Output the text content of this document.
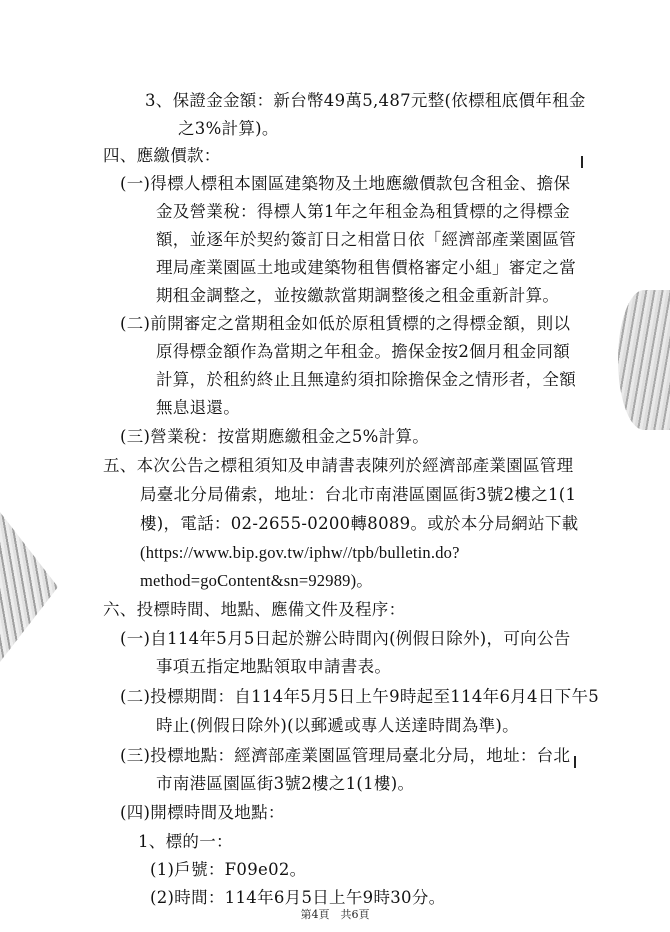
3、保證金金額：新台幣49萬5,487元整(依標租底價年租金
之3%計算)。
四、應繳價款：
(一)得標人標租本園區建築物及土地應繳價款包含租金、擔保
金及營業稅：得標人第1年之年租金為租賃標的之得標金
額，並逐年於契約簽訂日之相當日依「經濟部產業園區管
理局產業園區土地或建築物租售價格審定小組」審定之當
期租金調整之，並按繳款當期調整後之租金重新計算。
(二)前開審定之當期租金如低於原租賃標的之得標金額，則以
原得標金額作為當期之年租金。擔保金按2個月租金同額
計算，於租約終止且無違約須扣除擔保金之情形者，全額
無息退還。
(三)營業稅：按當期應繳租金之5%計算。
五、本次公告之標租須知及申請書表陳列於經濟部產業園區管理
局臺北分局備索，地址：台北市南港區園區街3號2樓之1(1
樓)，電話：02-2655-0200轉8089。或於本分局網站下載
(https://www.bip.gov.tw/iphw//tpb/bulletin.do?
method=goContent&sn=92989)。
六、投標時間、地點、應備文件及程序：
(一)自114年5月5日起於辦公時間內(例假日除外)，可向公告
事項五指定地點領取申請書表。
(二)投標期間：自114年5月5日上午9時起至114年6月4日下午5
時止(例假日除外)(以郵遞或專人送達時間為準)。
(三)投標地點：經濟部產業園區管理局臺北分局，地址：台北
市南港區園區街3號2樓之1(1樓)。
(四)開標時間及地點：
1、標的一：
(1)戶號：F09e02。
(2)時間：114年6月5日上午9時30分。
第4頁　共6頁
